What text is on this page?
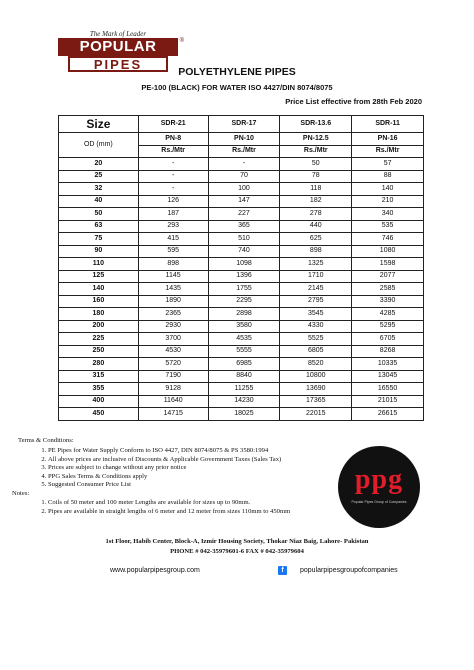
The Mark of Leader
POPULAR	®
PIPES	POLYETHYLENE PIPES
PE-100 (BLACK) FOR WATER ISO 4427/DIN 8074/8075
Price List effective from 28th Feb 2020
Size	SDR-21	SDR-17	SDR-13.6	SDR-11
OD (mm)	PN-8	PN-10	PN-12.5	PN-16
	Rs./Mtr	Rs./Mtr	Rs./Mtr	Rs./Mtr
20	-	-	50	57
25	-	70	78	88
32	-	100	118	140
40	126	147	182	210
50	187	227	278	340
63	293	365	440	535
75	415	510	625	746
90	595	740	898	1080
110	898	1098	1325	1598
125	1145	1396	1710	2077
140	1435	1755	2145	2585
160	1890	2295	2795	3390
180	2365	2898	3545	4285
200	2930	3580	4330	5295
225	3700	4535	5525	6705
250	4530	5555	6805	8268
280	5720	6985	8520	10335
315	7190	8840	10800	13045
355	9128	11255	13690	16550
400	11640	14230	17365	21015
450	14715	18025	22015	26615
Terms & Conditions:
1. PE Pipes for Water Supply Conform to ISO 4427, DIN 8074/8075 & PS 3580:1994
2. All above prices are inclusive of Discounts & Applicable Government Taxes (Sales Tax)
3. Prices are subject to change without any prior notice
4. PPG Sales Terms & Conditions apply
5. Suggested Consumer Price List
Notes:
1. Coils of 50 meter and 100 meter Lengths are available for sizes up to 90mm.
2. Pipes are available in straight lengths of 6 meter and 12 meter from sizes 110mm to 450mm
ppg
Popular Pipes Group of Companies
1st Floor, Habib Center, Block-A, Izmir Housing Society, Thokar Niaz Baig, Lahore- Pakistan
PHONE # 042-35979601-6 FAX # 042-35979604
www.popularpipesgroup.com	f	popularpipesgroupofcompanies
